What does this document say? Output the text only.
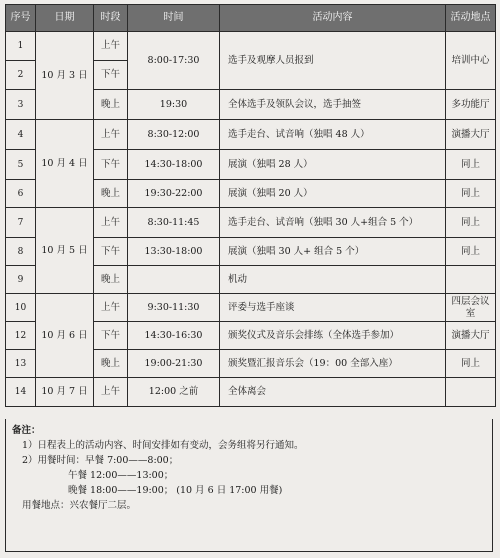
序号	日期	时段	时间	活动内容	活动地点
1	10 月 3 日	上午	8:00-17:30	选手及观摩人员报到	培训中心
2		下午			
3		晚上	19:30	全体选手及领队会议，选手抽签	多功能厅
4	10 月 4 日	上午	8:30-12:00	选手走台、试音响（独唱 48 人）	演播大厅
5		下午	14:30-18:00	展演（独唱 28 人）	同上
6		晚上	19:30-22:00	展演（独唱 20 人）	同上
7	10 月 5 日	上午	8:30-11:45	选手走台、试音响（独唱 30 人+组合 5 个）	同上
8		下午	13:30-18:00	展演（独唱 30 人+ 组合 5 个）	同上
9		晚上		机动	
10	10 月 6 日	上午	9:30-11:30	评委与选手座谈	四层会议室
12		下午	14:30-16:30	颁奖仪式及音乐会排练（全体选手参加）	演播大厅
13		晚上	19:00-21:30	颁奖暨汇报音乐会（19：00 全部入座）	同上
14	10 月 7 日	上午	12:00 之前	全体离会	
备注：
1）日程表上的活动内容、时间安排如有变动，会务组将另行通知。
2）用餐时间：早餐 7:00——8:00；
午餐 12:00——13:00；
晚餐 18:00——19:00； (10 月 6 日 17:00 用餐)
用餐地点：兴农餐厅二层。
